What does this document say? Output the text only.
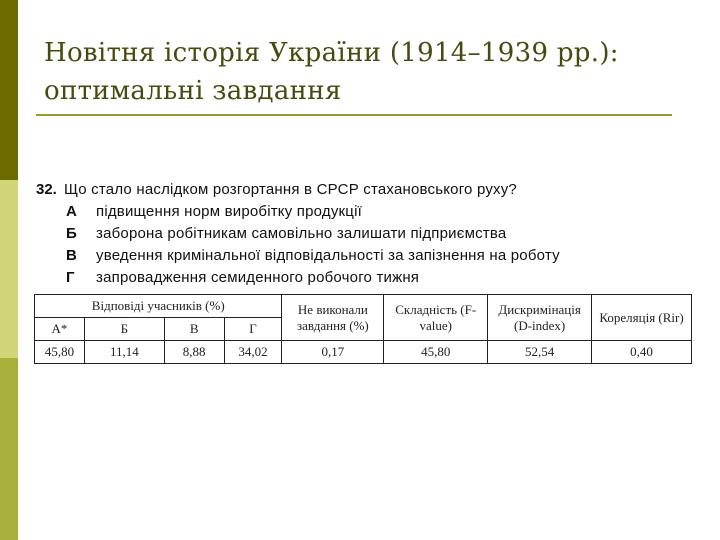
Новітня історія України (1914–1939 рр.):
оптимальні завдання
32. Що стало наслідком розгортання в СРСР стахановського руху?
А	підвищення норм виробітку продукції
Б	заборона робітникам самовільно залишати підприємства
В	уведення кримінальної відповідальності за запізнення на роботу
Г	запровадження семиденного робочого тижня
Відповіді учасників (%)				Не виконали завдання (%)	Складність (F-value)	Дискримінація (D-index)	Кореляція (Rir)
А*	Б	В	Г				
45,80	11,14	8,88	34,02	0,17	45,80	52,54	0,40
